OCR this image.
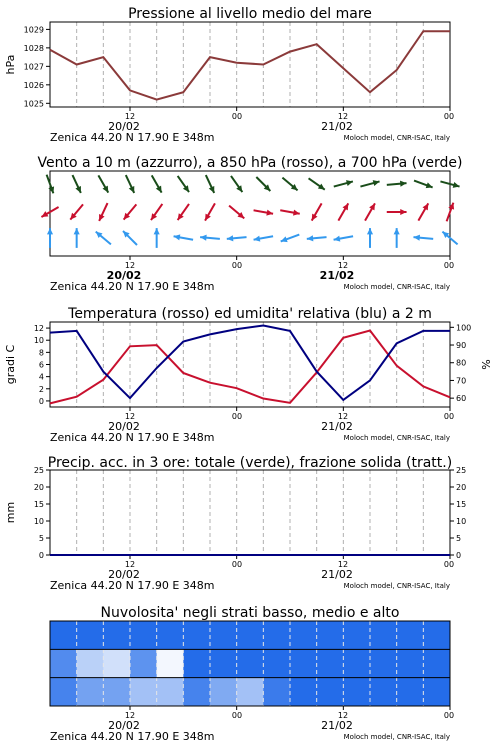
Pressione al livello medio del mare
12	00	12	00
20/02	21/02
Zenica 44.20 N 17.90 E 348m	Moloch model, CNR-ISAC, Italy
1025
1026
1027
1028
1029
hPa
Vento a 10 m (azzurro), a 850 hPa (rosso), a 700 hPa (verde)
12	00	12	00
20/02	21/02
Zenica 44.20 N 17.90 E 348m	Moloch model, CNR-ISAC, Italy
Temperatura (rosso) ed umidita' relativa (blu) a 2 m
12	00	12	00
20/02	21/02
Zenica 44.20 N 17.90 E 348m	Moloch model, CNR-ISAC, Italy
0
2
4
6
8
10
12
60
70
80
90
100
gradi C	%
Precip. acc. in 3 ore: totale (verde), frazione solida (tratt.)
12	00	12	00
20/02	21/02
Zenica 44.20 N 17.90 E 348m	Moloch model, CNR-ISAC, Italy
0
5
10
15
20
25
0
5
10
15
20
25
mm
Nuvolosita' negli strati basso, medio e alto
12	00	12	00
20/02	21/02
Zenica 44.20 N 17.90 E 348m	Moloch model, CNR-ISAC, Italy
